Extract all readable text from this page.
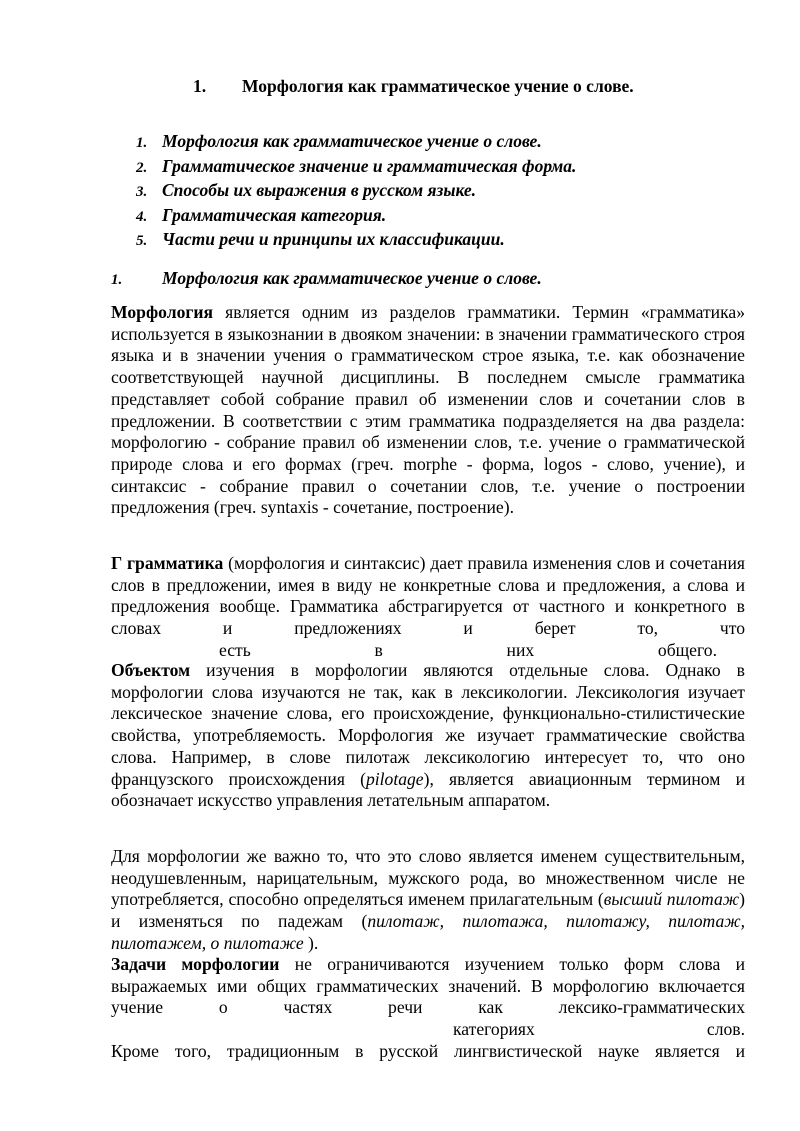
1. Морфология как грамматическое учение о слове.
1. Морфология как грамматическое учение о слове.
2. Грамматическое значение и грамматическая форма.
3. Способы их выражения в русском языке.
4. Грамматическая категория.
5. Части речи и принципы их классификации.
1. Морфология как грамматическое учение о слове.

Морфология является одним из разделов грамматики. Термин «грамматика» используется в языкознании в двояком значении: в значении грамматического строя языка и в значении учения о грамматическом строе языка, т.е. как обозначение соответствующей научной дисциплины. В последнем смысле грамматика представляет собой собрание правил об изменении слов и сочетании слов в предложении. В соответствии с этим грамматика подразделяется на два раздела: морфологию - собрание правил об изменении слов, т.е. учение о грамматической природе слова и его формах (греч. morphe - форма, logos - слово, учение), и синтаксис - собрание правил о сочетании слов, т.е. учение о построении предложения (греч. syntaxis - сочетание, построение).

Г грамматика (морфология и синтаксис) дает правила изменения слов и сочетания слов в предложении, имея в виду не конкретные слова и предложения, а слова и предложения вообще. Грамматика абстрагируется от частного и конкретного в словах и предложениях и берет то, что

есть	в	них	общего.

Объектом изучения в морфологии являются отдельные слова. Однако в морфологии слова изучаются не так, как в лексикологии. Лексикология изучает лексическое значение слова, его происхождение, функционально-стилистические свойства, употребляемость. Морфология же изучает грамматические свойства слова. Например, в слове пилотаж лексикологию интересует то, что оно французского происхождения (pilotage), является авиационным термином и обозначает искусство управления летательным аппаратом.

Для морфологии же важно то, что это слово является именем существительным, неодушевленным, нарицательным, мужского рода, во множественном числе не употребляется, способно определяться именем прилагательным (высший пилотаж) и изменяться по падежам (пилотаж, пилотажа, пилотажу, пилотаж, пилотажем, о пилотаже ).

Задачи морфологии не ограничиваются изучением только форм слова и выражаемых ими общих грамматических значений. В морфологию включается учение о частях речи как лексико-грамматических

категориях	слов.

Кроме того, традиционным в русской лингвистической науке является и
